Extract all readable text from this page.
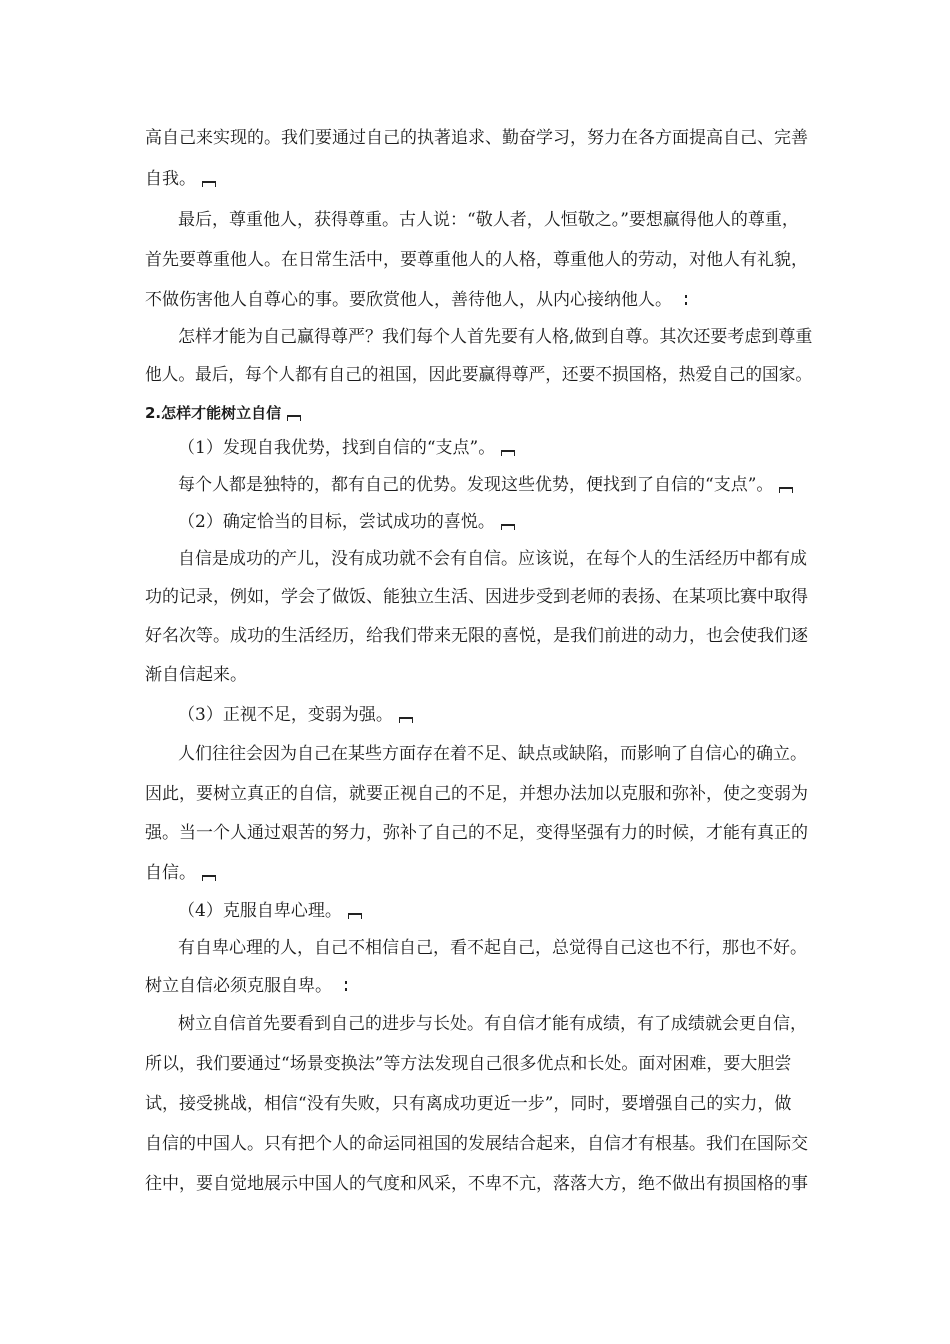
高自己来实现的。我们要通过自己的执著追求、勤奋学习，努力在各方面提高自己、完善
自我。
最后，尊重他人，获得尊重。古人说：“敬人者，人恒敬之。”要想赢得他人的尊重，
首先要尊重他人。在日常生活中，要尊重他人的人格，尊重他人的劳动，对他人有礼貌，
不做伤害他人自尊心的事。要欣赏他人，善待他人，从内心接纳他人。
怎样才能为自己赢得尊严？我们每个人首先要有人格,做到自尊。其次还要考虑到尊重
他人。最后，每个人都有自己的祖国，因此要赢得尊严，还要不损国格，热爱自己的国家。
2.怎样才能树立自信
（1）发现自我优势，找到自信的“支点”。
每个人都是独特的，都有自己的优势。发现这些优势，便找到了自信的“支点”。
（2）确定恰当的目标，尝试成功的喜悦。
自信是成功的产儿，没有成功就不会有自信。应该说，在每个人的生活经历中都有成
功的记录，例如，学会了做饭、能独立生活、因进步受到老师的表扬、在某项比赛中取得
好名次等。成功的生活经历，给我们带来无限的喜悦，是我们前进的动力，也会使我们逐
渐自信起来。
（3）正视不足，变弱为强。
人们往往会因为自己在某些方面存在着不足、缺点或缺陷，而影响了自信心的确立。
因此，要树立真正的自信，就要正视自己的不足，并想办法加以克服和弥补，使之变弱为
强。当一个人通过艰苦的努力，弥补了自己的不足，变得坚强有力的时候，才能有真正的
自信。
（4）克服自卑心理。
有自卑心理的人，自己不相信自己，看不起自己，总觉得自己这也不行，那也不好。
树立自信必须克服自卑。
树立自信首先要看到自己的进步与长处。有自信才能有成绩，有了成绩就会更自信，
所以，我们要通过“场景变换法”等方法发现自己很多优点和长处。面对困难，要大胆尝
试，接受挑战，相信“没有失败，只有离成功更近一步”，同时，要增强自己的实力，做
自信的中国人。只有把个人的命运同祖国的发展结合起来，自信才有根基。我们在国际交
往中，要自觉地展示中国人的气度和风采，不卑不亢，落落大方，绝不做出有损国格的事
